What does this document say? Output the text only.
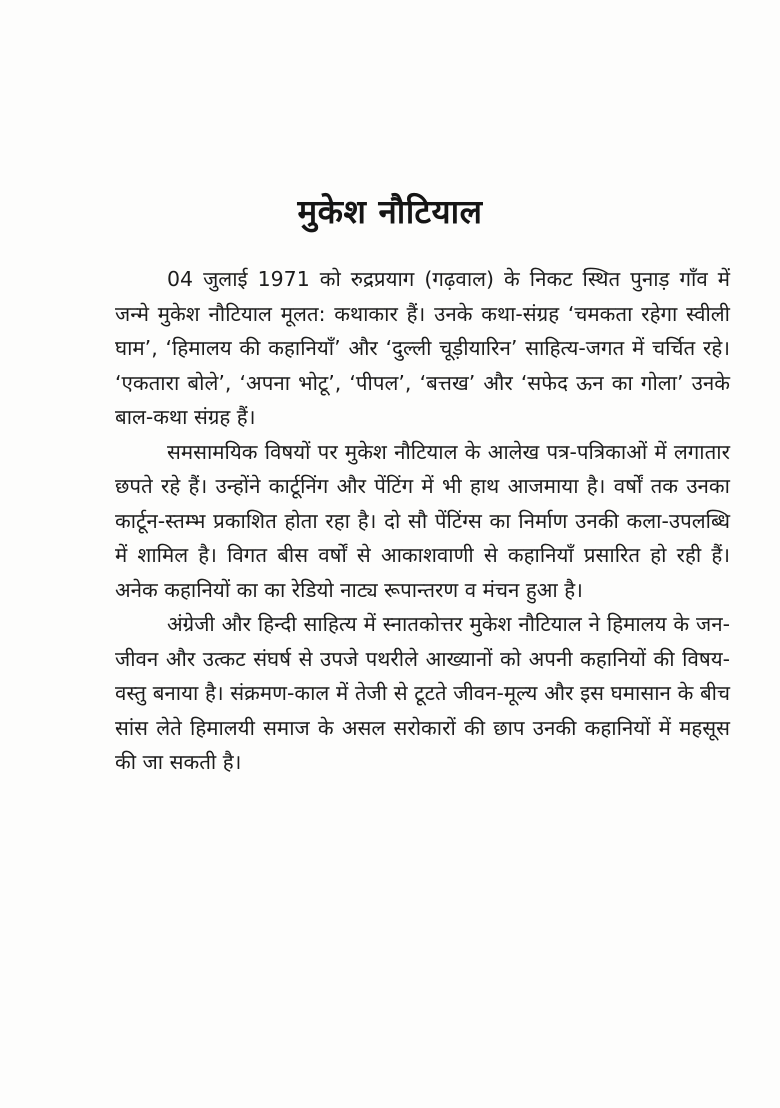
मुकेश नौटियाल

04 जुलाई 1971 को रुद्रप्रयाग (गढ़वाल) के निकट स्थित पुनाड़ गाँव में जन्मे मुकेश नौटियाल मूलत: कथाकार हैं। उनके कथा-संग्रह ‘चमकता रहेगा स्वीली घाम’, ‘हिमालय की कहानियाँ’ और ‘दुल्ली चूड़ीयारिन’ साहित्य-जगत में चर्चित रहे। ‘एकतारा बोले’, ‘अपना भोटू’, ‘पीपल’, ‘बत्तख’ और ‘सफेद ऊन का गोला’ उनके बाल-कथा संग्रह हैं।

समसामयिक विषयों पर मुकेश नौटियाल के आलेख पत्र-पत्रिकाओं में लगातार छपते रहे हैं। उन्होंने कार्टूनिंग और पेंटिंग में भी हाथ आजमाया है। वर्षों तक उनका कार्टून-स्तम्भ प्रकाशित होता रहा है। दो सौ पेंटिंग्स का निर्माण उनकी कला-उपलब्धि में शामिल है। विगत बीस वर्षों से आकाशवाणी से कहानियाँ प्रसारित हो रही हैं। अनेक कहानियों का का रेडियो नाट्य रूपान्तरण व मंचन हुआ है।

अंग्रेजी और हिन्दी साहित्य में स्नातकोत्तर मुकेश नौटियाल ने हिमालय के जन-जीवन और उत्कट संघर्ष से उपजे पथरीले आख्यानों को अपनी कहानियों की विषय-वस्तु बनाया है। संक्रमण-काल में तेजी से टूटते जीवन-मूल्य और इस घमासान के बीच सांस लेते हिमालयी समाज के असल सरोकारों की छाप उनकी कहानियों में महसूस की जा सकती है।
